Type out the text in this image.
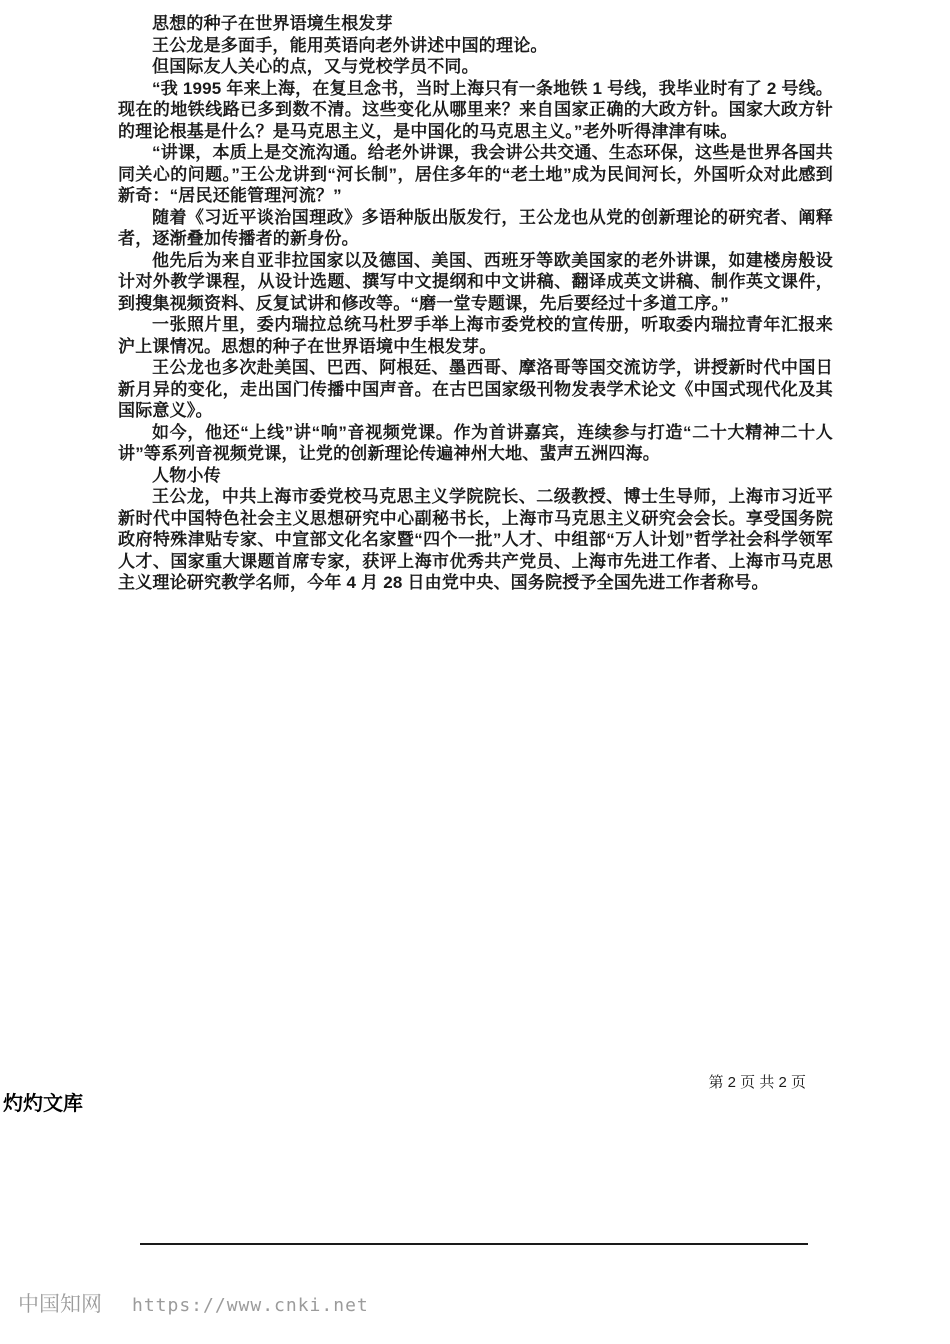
思想的种子在世界语境生根发芽

王公龙是多面手，能用英语向老外讲述中国的理论。

但国际友人关心的点，又与党校学员不同。

“我 1995 年来上海，在复旦念书，当时上海只有一条地铁 1 号线，我毕业时有了 2 号线。现在的地铁线路已多到数不清。这些变化从哪里来？来自国家正确的大政方针。国家大政方针的理论根基是什么？是马克思主义，是中国化的马克思主义。”老外听得津津有味。

“讲课，本质上是交流沟通。给老外讲课，我会讲公共交通、生态环保，这些是世界各国共同关心的问题。”王公龙讲到“河长制”，居住多年的“老土地”成为民间河长，外国听众对此感到新奇：“居民还能管理河流？”

随着《习近平谈治国理政》多语种版出版发行，王公龙也从党的创新理论的研究者、阐释者，逐渐叠加传播者的新身份。

他先后为来自亚非拉国家以及德国、美国、西班牙等欧美国家的老外讲课，如建楼房般设计对外教学课程，从设计选题、撰写中文提纲和中文讲稿、翻译成英文讲稿、制作英文课件，到搜集视频资料、反复试讲和修改等。“磨一堂专题课，先后要经过十多道工序。”

一张照片里，委内瑞拉总统马杜罗手举上海市委党校的宣传册，听取委内瑞拉青年汇报来沪上课情况。思想的种子在世界语境中生根发芽。

王公龙也多次赴美国、巴西、阿根廷、墨西哥、摩洛哥等国交流访学，讲授新时代中国日新月异的变化，走出国门传播中国声音。在古巴国家级刊物发表学术论文《中国式现代化及其国际意义》。

如今，他还“上线”讲“响”音视频党课。作为首讲嘉宾，连续参与打造“二十大精神二十人讲”等系列音视频党课，让党的创新理论传遍神州大地、蜚声五洲四海。

人物小传

王公龙，中共上海市委党校马克思主义学院院长、二级教授、博士生导师，上海市习近平新时代中国特色社会主义思想研究中心副秘书长，上海市马克思主义研究会会长。享受国务院政府特殊津贴专家、中宣部文化名家暨“四个一批”人才、中组部“万人计划”哲学社会科学领军人才、国家重大课题首席专家，获评上海市优秀共产党员、上海市先进工作者、上海市马克思主义理论研究教学名师，今年 4 月 28 日由党中央、国务院授予全国先进工作者称号。

第 2 页 共 2 页
灼灼文库
中国知网 https://www.cnki.net
